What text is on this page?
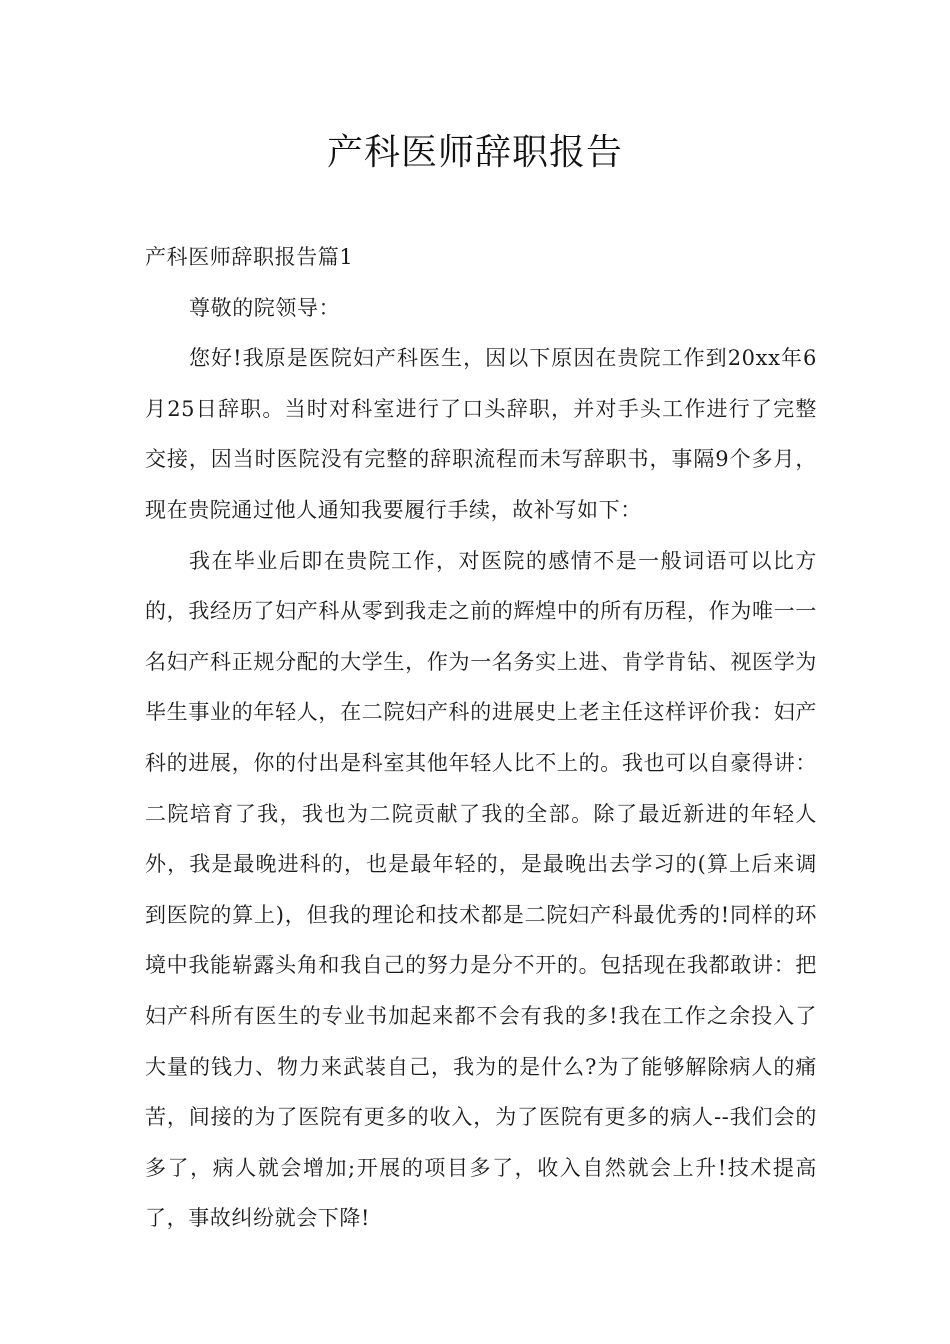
产科医师辞职报告

产科医师辞职报告篇1

尊敬的院领导：

您好!我原是医院妇产科医生，因以下原因在贵院工作到20xx年6月25日辞职。当时对科室进行了口头辞职，并对手头工作进行了完整交接，因当时医院没有完整的辞职流程而未写辞职书，事隔9个多月，现在贵院通过他人通知我要履行手续，故补写如下：

我在毕业后即在贵院工作，对医院的感情不是一般词语可以比方的，我经历了妇产科从零到我走之前的辉煌中的所有历程，作为唯一一名妇产科正规分配的大学生，作为一名务实上进、肯学肯钻、视医学为毕生事业的年轻人，在二院妇产科的进展史上老主任这样评价我：妇产科的进展，你的付出是科室其他年轻人比不上的。我也可以自豪得讲：二院培育了我，我也为二院贡献了我的全部。除了最近新进的年轻人外，我是最晚进科的，也是最年轻的，是最晚出去学习的(算上后来调到医院的算上)，但我的理论和技术都是二院妇产科最优秀的!同样的环境中我能崭露头角和我自己的努力是分不开的。包括现在我都敢讲：把妇产科所有医生的专业书加起来都不会有我的多!我在工作之余投入了大量的钱力、物力来武装自己，我为的是什么?为了能够解除病人的痛苦，间接的为了医院有更多的收入，为了医院有更多的病人--我们会的多了，病人就会增加;开展的项目多了，收入自然就会上升!技术提高了，事故纠纷就会下降!
